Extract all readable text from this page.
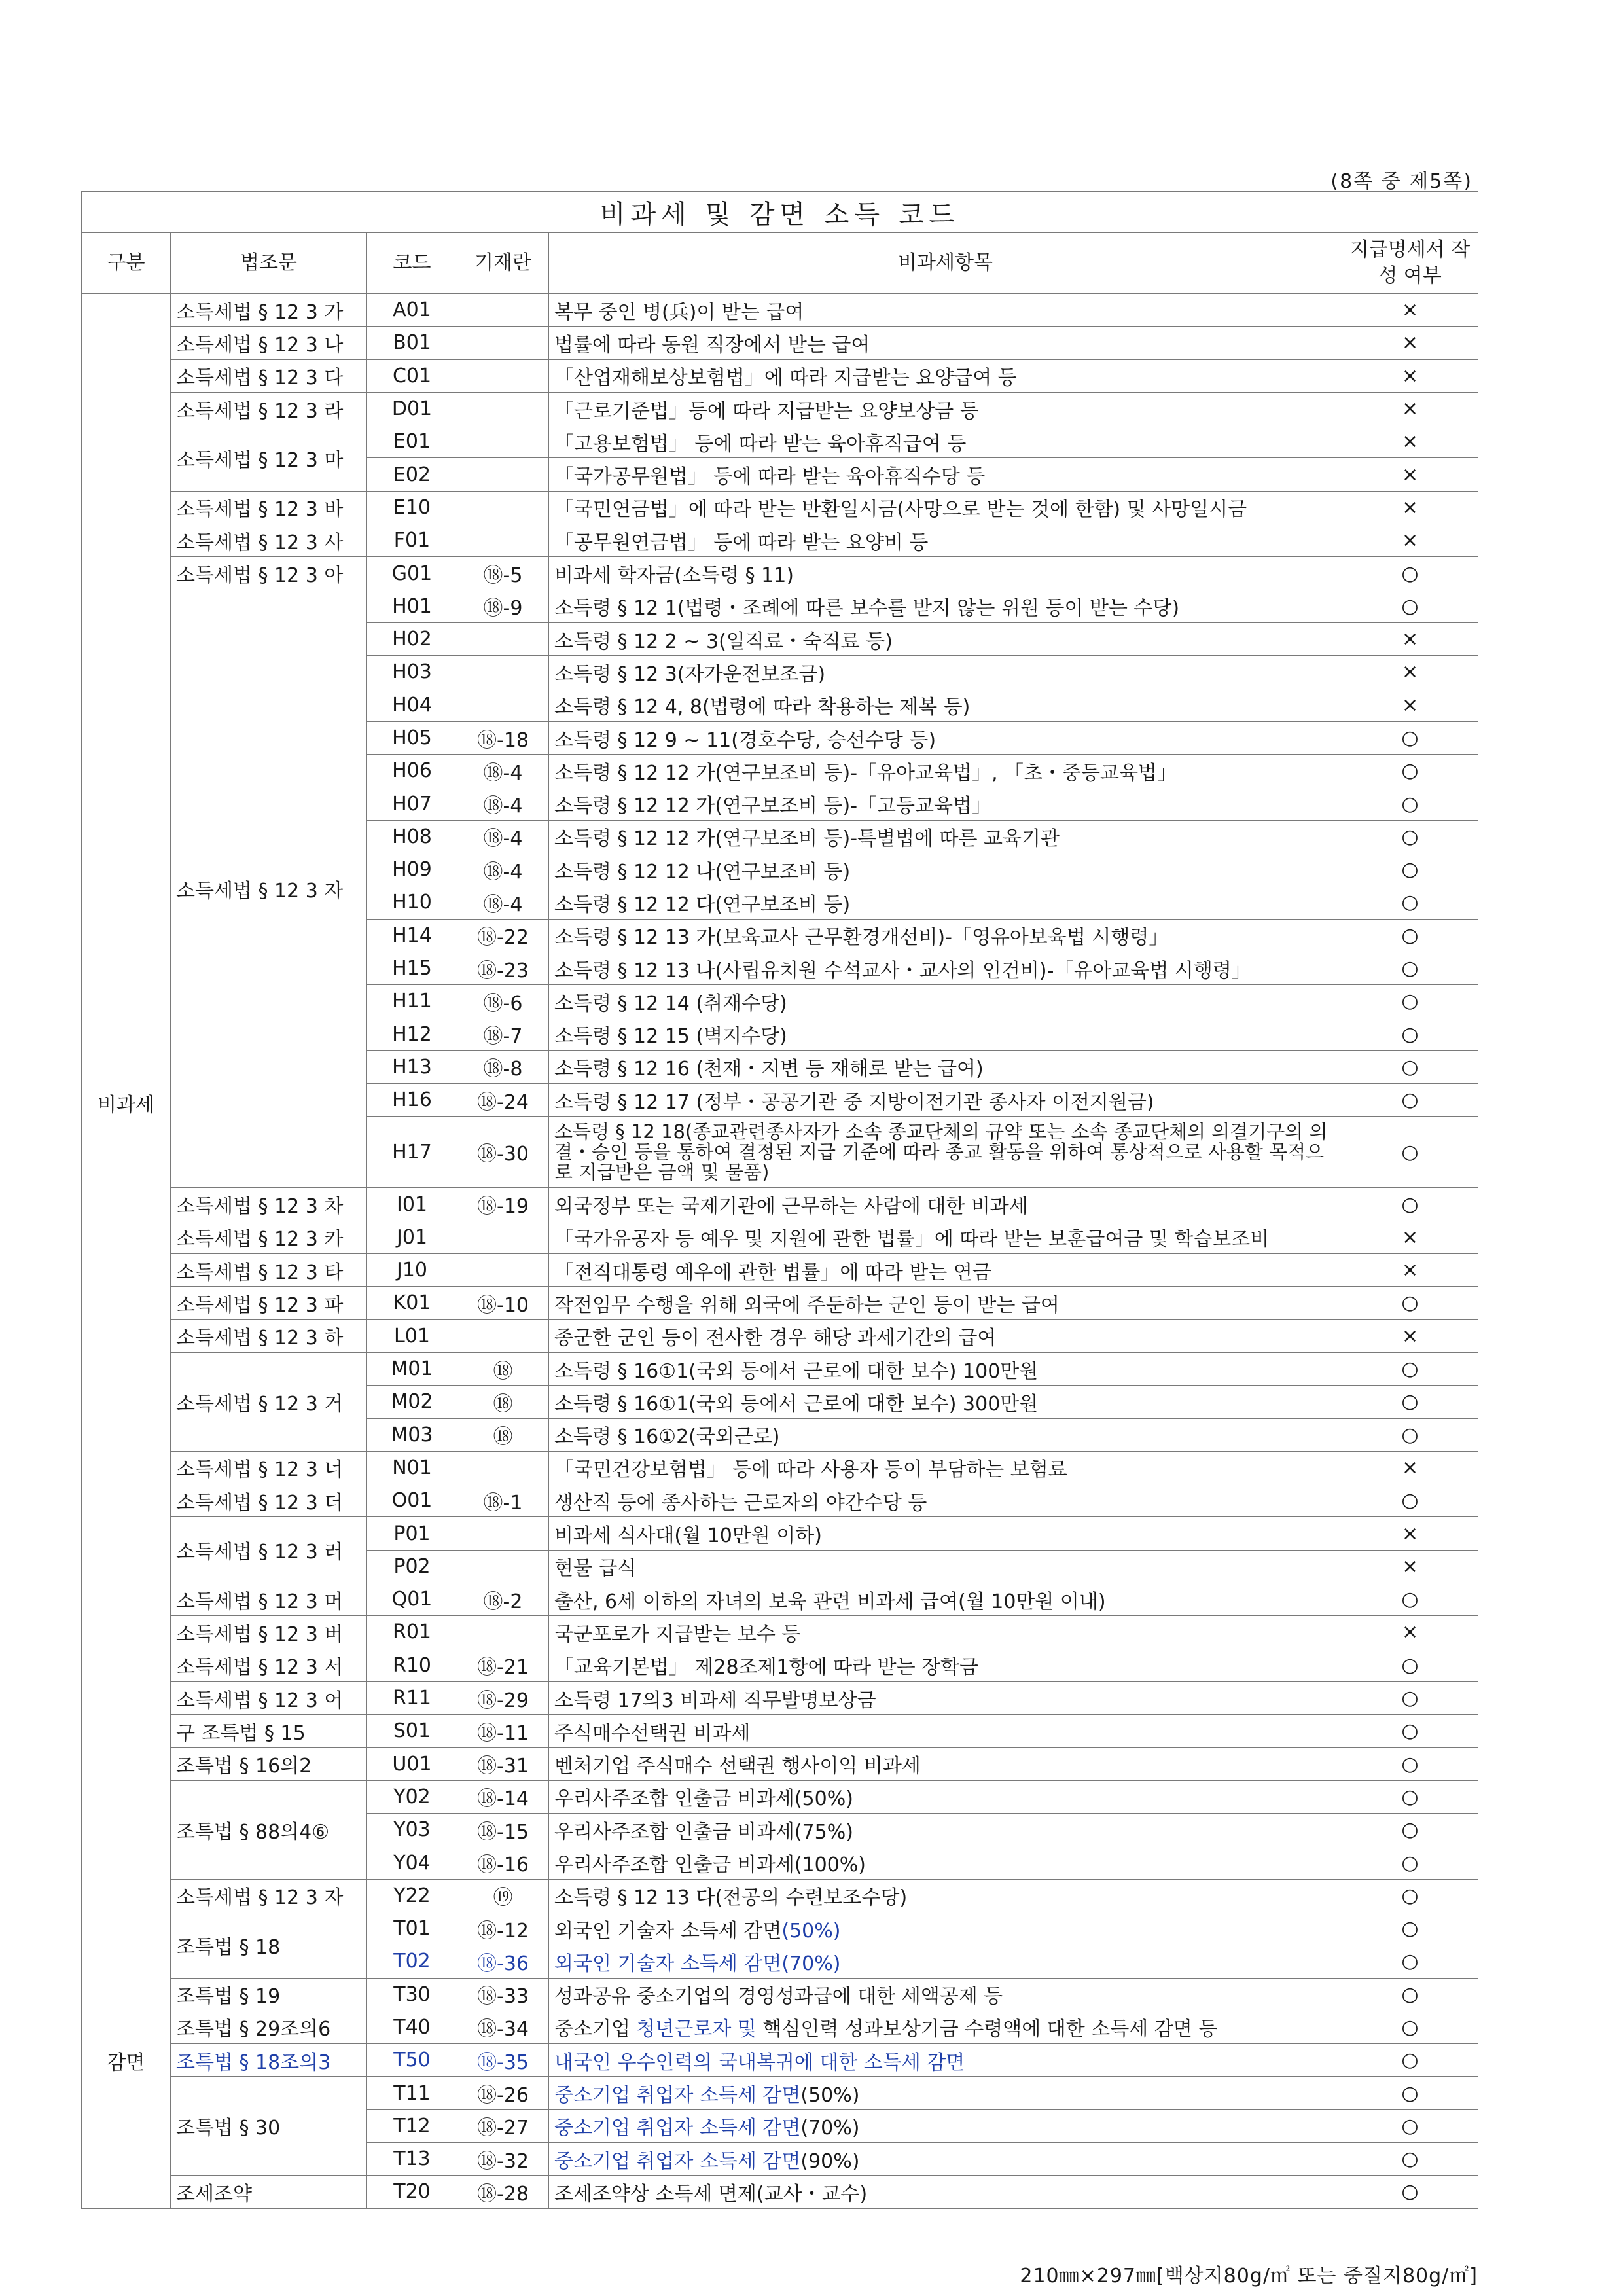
(8쪽 중 제5쪽)
비과세 및 감면 소득 코드					
구분	법조문	코드	기재란	비과세항목	지급명세서 작성 여부
비과세	소득세법 § 12 3 가	A01		복무 중인 병(兵)이 받는 급여	×
	소득세법 § 12 3 나	B01		법률에 따라 동원 직장에서 받는 급여	×
	소득세법 § 12 3 다	C01		「산업재해보상보험법」에 따라 지급받는 요양급여 등	×
	소득세법 § 12 3 라	D01		「근로기준법」등에 따라 지급받는 요양보상금 등	×
	소득세법 § 12 3 마	E01		「고용보험법」 등에 따라 받는 육아휴직급여 등	×
		E02		「국가공무원법」 등에 따라 받는 육아휴직수당 등	×
	소득세법 § 12 3 바	E10		「국민연금법」에 따라 받는 반환일시금(사망으로 받는 것에 한함) 및 사망일시금	×
	소득세법 § 12 3 사	F01		「공무원연금법」 등에 따라 받는 요양비 등	×
	소득세법 § 12 3 아	G01	⑱-5	비과세 학자금(소득령 § 11)	○
	소득세법 § 12 3 자	H01	⑱-9	소득령 § 12 1(법령・조례에 따른 보수를 받지 않는 위원 등이 받는 수당)	○
		H02		소득령 § 12 2 ~ 3(일직료・숙직료 등)	×
		H03		소득령 § 12 3(자가운전보조금)	×
		H04		소득령 § 12 4, 8(법령에 따라 착용하는 제복 등)	×
		H05	⑱-18	소득령 § 12 9 ~ 11(경호수당, 승선수당 등)	○
		H06	⑱-4	소득령 § 12 12 가(연구보조비 등)-「유아교육법」, 「초・중등교육법」	○
		H07	⑱-4	소득령 § 12 12 가(연구보조비 등)-「고등교육법」	○
		H08	⑱-4	소득령 § 12 12 가(연구보조비 등)-특별법에 따른 교육기관	○
		H09	⑱-4	소득령 § 12 12 나(연구보조비 등)	○
		H10	⑱-4	소득령 § 12 12 다(연구보조비 등)	○
		H14	⑱-22	소득령 § 12 13 가(보육교사 근무환경개선비)-「영유아보육법 시행령」	○
		H15	⑱-23	소득령 § 12 13 나(사립유치원 수석교사・교사의 인건비)-「유아교육법 시행령」	○
		H11	⑱-6	소득령 § 12 14 (취재수당)	○
		H12	⑱-7	소득령 § 12 15 (벽지수당)	○
		H13	⑱-8	소득령 § 12 16 (천재・지변 등 재해로 받는 급여)	○
		H16	⑱-24	소득령 § 12 17 (정부・공공기관 중 지방이전기관 종사자 이전지원금)	○
		H17	⑱-30	소득령 § 12 18(종교관련종사자가 소속 종교단체의 규약 또는 소속 종교단체의 의결기구의 의결・승인 등을 통하여 결정된 지급 기준에 따라 종교 활동을 위하여 통상적으로 사용할 목적으로 지급받은 금액 및 물품)	○
	소득세법 § 12 3 차	I01	⑱-19	외국정부 또는 국제기관에 근무하는 사람에 대한 비과세	○
	소득세법 § 12 3 카	J01		「국가유공자 등 예우 및 지원에 관한 법률」에 따라 받는 보훈급여금 및 학습보조비	×
	소득세법 § 12 3 타	J10		「전직대통령 예우에 관한 법률」에 따라 받는 연금	×
	소득세법 § 12 3 파	K01	⑱-10	작전임무 수행을 위해 외국에 주둔하는 군인 등이 받는 급여	○
	소득세법 § 12 3 하	L01		종군한 군인 등이 전사한 경우 해당 과세기간의 급여	×
	소득세법 § 12 3 거	M01	⑱	소득령 § 16①1(국외 등에서 근로에 대한 보수) 100만원	○
		M02	⑱	소득령 § 16①1(국외 등에서 근로에 대한 보수) 300만원	○
		M03	⑱	소득령 § 16①2(국외근로)	○
	소득세법 § 12 3 너	N01		「국민건강보험법」 등에 따라 사용자 등이 부담하는 보험료	×
	소득세법 § 12 3 더	O01	⑱-1	생산직 등에 종사하는 근로자의 야간수당 등	○
	소득세법 § 12 3 러	P01		비과세 식사대(월 10만원 이하)	×
		P02		현물 급식	×
	소득세법 § 12 3 머	Q01	⑱-2	출산, 6세 이하의 자녀의 보육 관련 비과세 급여(월 10만원 이내)	○
	소득세법 § 12 3 버	R01		국군포로가 지급받는 보수 등	×
	소득세법 § 12 3 서	R10	⑱-21	「교육기본법」 제28조제1항에 따라 받는 장학금	○
	소득세법 § 12 3 어	R11	⑱-29	소득령 17의3 비과세 직무발명보상금	○
	구 조특법 § 15	S01	⑱-11	주식매수선택권 비과세	○
	조특법 § 16의2	U01	⑱-31	벤처기업 주식매수 선택권 행사이익 비과세	○
	조특법 § 88의4⑥	Y02	⑱-14	우리사주조합 인출금 비과세(50%)	○
		Y03	⑱-15	우리사주조합 인출금 비과세(75%)	○
		Y04	⑱-16	우리사주조합 인출금 비과세(100%)	○
	소득세법 § 12 3 자	Y22	⑲	소득령 § 12 13 다(전공의 수련보조수당)	○
감면	조특법 § 18	T01	⑱-12	외국인 기술자 소득세 감면(50%)	○
		T02	⑱-36	외국인 기술자 소득세 감면(70%)	○
	조특법 § 19	T30	⑱-33	성과공유 중소기업의 경영성과급에 대한 세액공제 등	○
	조특법 § 29조의6	T40	⑱-34	중소기업 청년근로자 및 핵심인력 성과보상기금 수령액에 대한 소득세 감면 등	○
	조특법 § 18조의3	T50	⑱-35	내국인 우수인력의 국내복귀에 대한 소득세 감면	○
	조특법 § 30	T11	⑱-26	중소기업 취업자 소득세 감면(50%)	○
		T12	⑱-27	중소기업 취업자 소득세 감면(70%)	○
		T13	⑱-32	중소기업 취업자 소득세 감면(90%)	○
	조세조약	T20	⑱-28	조세조약상 소득세 면제(교사・교수)	○
210㎜×297㎜[백상지80g/㎡ 또는 중질지80g/㎡]
